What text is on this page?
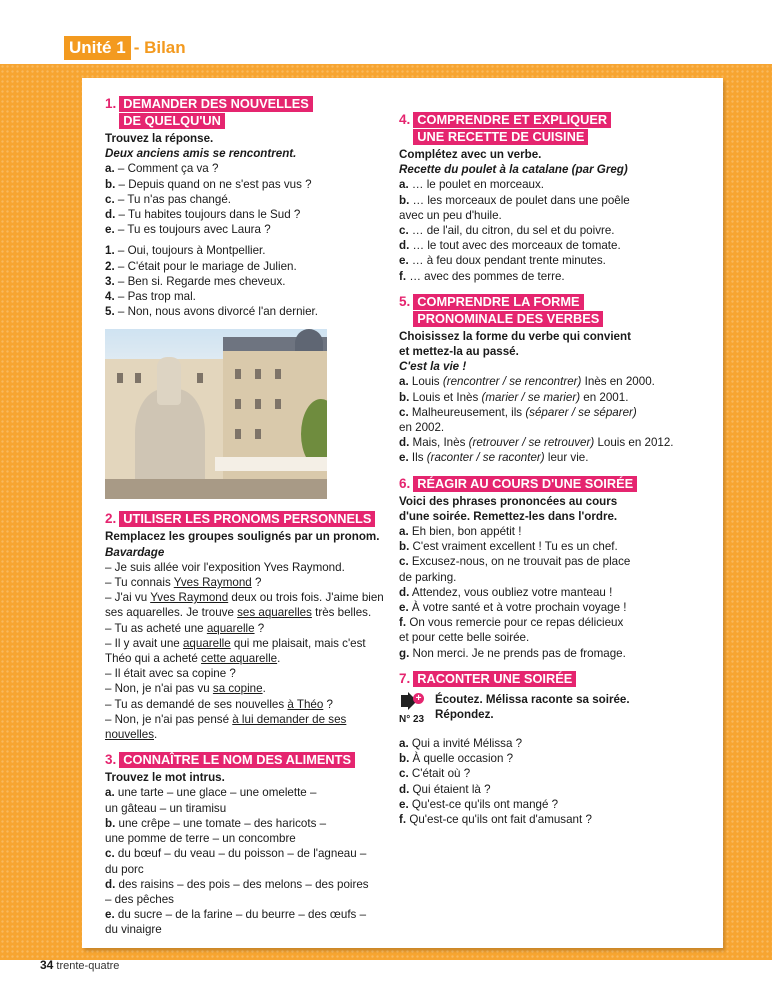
Unité 1 - Bilan
1. DEMANDER DES NOUVELLES
DE QUELQU'UN

Trouvez la réponse.

Deux anciens amis se rencontrent.

a. – Comment ça va ?

b. – Depuis quand on ne s'est pas vus ?

c. – Tu n'as pas changé.

d. – Tu habites toujours dans le Sud ?

e. – Tu es toujours avec Laura ?

1. – Oui, toujours à Montpellier.

2. – C'était pour le mariage de Julien.

3. – Ben si. Regarde mes cheveux.

4. – Pas trop mal.

5. – Non, nous avons divorcé l'an dernier.

2. UTILISER LES PRONOMS PERSONNELS

Remplacez les groupes soulignés par un pronom.

Bavardage

– Je suis allée voir l'exposition Yves Raymond.

– Tu connais Yves Raymond ?

– J'ai vu Yves Raymond deux ou trois fois. J'aime bien

ses aquarelles. Je trouve ses aquarelles très belles.

– Tu as acheté une aquarelle ?

– Il y avait une aquarelle qui me plaisait, mais c'est

Théo qui a acheté cette aquarelle.

– Il était avec sa copine ?

– Non, je n'ai pas vu sa copine.

– Tu as demandé de ses nouvelles à Théo ?

– Non, je n'ai pas pensé à lui demander de ses

nouvelles.

3. CONNAÎTRE LE NOM DES ALIMENTS

Trouvez le mot intrus.

a. une tarte – une glace – une omelette –

un gâteau – un tiramisu

b. une crêpe – une tomate – des haricots –

une pomme de terre – un concombre

c. du bœuf – du veau – du poisson – de l'agneau –

du porc

d. des raisins – des pois – des melons – des poires

– des pêches

e. du sucre – de la farine – du beurre – des œufs –

du vinaigre

4. COMPRENDRE ET EXPLIQUER
UNE RECETTE DE CUISINE

Complétez avec un verbe.

Recette du poulet à la catalane (par Greg)

a. … le poulet en morceaux.

b. … les morceaux de poulet dans une poêle

avec un peu d'huile.

c. … de l'ail, du citron, du sel et du poivre.

d. … le tout avec des morceaux de tomate.

e. … à feu doux pendant trente minutes.

f. … avec des pommes de terre.

5. COMPRENDRE LA FORME
PRONOMINALE DES VERBES

Choisissez la forme du verbe qui convient

et mettez-la au passé.

C'est la vie !

a. Louis (rencontrer / se rencontrer) Inès en 2000.

b. Louis et Inès (marier / se marier) en 2001.

c. Malheureusement, ils (séparer / se séparer)

en 2002.

d. Mais, Inès (retrouver / se retrouver) Louis en 2012.

e. Ils (raconter / se raconter) leur vie.

6. RÉAGIR AU COURS D'UNE SOIRÉE

Voici des phrases prononcées au cours

d'une soirée. Remettez-les dans l'ordre.

a. Eh bien, bon appétit !

b. C'est vraiment excellent ! Tu es un chef.

c. Excusez-nous, on ne trouvait pas de place

de parking.

d. Attendez, vous oubliez votre manteau !

e. À votre santé et à votre prochain voyage !

f. On vous remercie pour ce repas délicieux

et pour cette belle soirée.

g. Non merci. Je ne prends pas de fromage.

7. RACONTER UNE SOIRÉE
+
N° 23

Écoutez. Mélissa raconte sa soirée.

Répondez.

a. Qui a invité Mélissa ?

b. À quelle occasion ?

c. C'était où ?

d. Qui étaient là ?

e. Qu'est-ce qu'ils ont mangé ?

f. Qu'est-ce qu'ils ont fait d'amusant ?

34 trente-quatre
